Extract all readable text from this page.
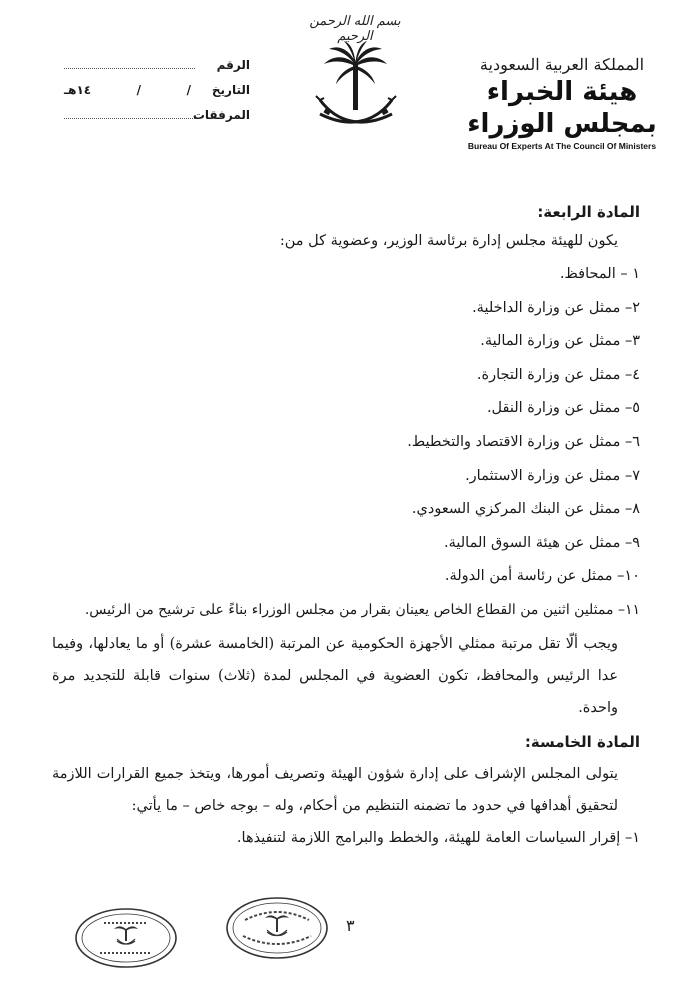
بسم الله الرحمن الرحيم
المملكة العربية السعودية
هيئة الخبراء بمجلس الوزراء
Bureau Of Experts At The Council Of Ministers
الرقم
التاريخ
/
/
١٤هـ
المرفقات
المادة الرابعة:
يكون للهيئة مجلس إدارة برئاسة الوزير، وعضوية كل من:
١ – المحافظ.
٢– ممثل عن وزارة الداخلية.
٣– ممثل عن وزارة المالية.
٤– ممثل عن وزارة التجارة.
٥– ممثل عن وزارة النقل.
٦– ممثل عن وزارة الاقتصاد والتخطيط.
٧– ممثل عن وزارة الاستثمار.
٨– ممثل عن البنك المركزي السعودي.
٩– ممثل عن هيئة السوق المالية.
١٠– ممثل عن رئاسة أمن الدولة.
١١– ممثلين اثنين من القطاع الخاص يعينان بقرار من مجلس الوزراء بناءً على ترشيح من الرئيس.
ويجب ألّا تقل مرتبة ممثلي الأجهزة الحكومية عن المرتبة (الخامسة عشرة) أو ما يعادلها، وفيما عدا الرئيس والمحافظ، تكون العضوية في المجلس لمدة (ثلاث) سنوات قابلة للتجديد مرة واحدة.
المادة الخامسة:
يتولى المجلس الإشراف على إدارة شؤون الهيئة وتصريف أمورها، ويتخذ جميع القرارات اللازمة لتحقيق أهدافها في حدود ما تضمنه التنظيم من أحكام، وله – بوجه خاص – ما يأتي:
١– إقرار السياسات العامة للهيئة، والخطط والبرامج اللازمة لتنفيذها.
٣
